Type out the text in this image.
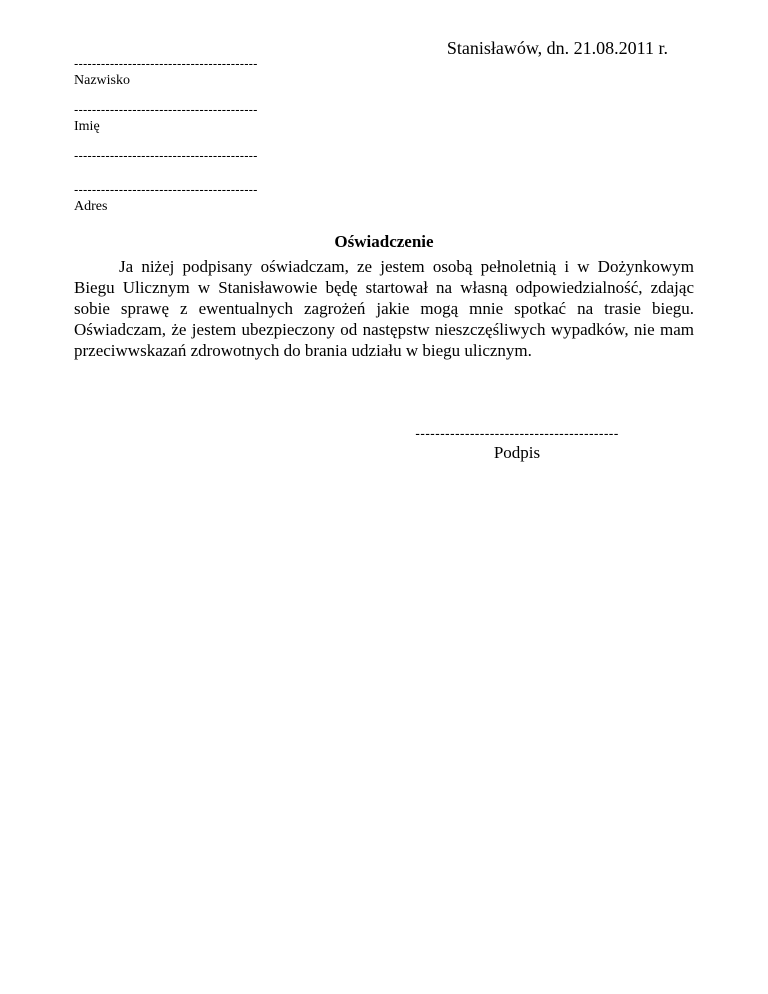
Stanisławów, dn. 21.08.2011 r.
-----------------------------------------
Nazwisko
-----------------------------------------
Imię
-----------------------------------------
-----------------------------------------
Adres
Oświadczenie
Ja niżej podpisany oświadczam, ze jestem osobą pełnoletnią i w Dożynkowym Biegu Ulicznym w Stanisławowie będę startował na własną odpowiedzialność, zdając sobie sprawę z ewentualnych zagrożeń jakie mogą mnie spotkać na trasie biegu. Oświadczam, że jestem ubezpieczony od następstw nieszczęśliwych wypadków, nie mam przeciwwskazań zdrowotnych do brania udziału w biegu ulicznym.
-----------------------------------------
Podpis
